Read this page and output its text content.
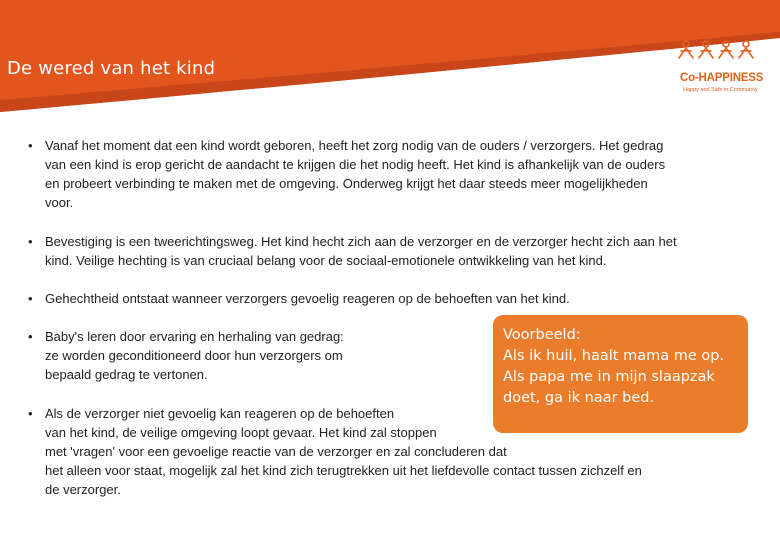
De wered van het kind	Co-HAPPINESS
Happy and Safe in Community
• Vanaf het moment dat een kind wordt geboren, heeft het zorg nodig van de ouders / verzorgers. Het gedrag
van een kind is erop gericht de aandacht te krijgen die het nodig heeft. Het kind is afhankelijk van de ouders
en probeert verbinding te maken met de omgeving. Onderweg krijgt het daar steeds meer mogelijkheden
voor.
• Bevestiging is een tweerichtingsweg. Het kind hecht zich aan de verzorger en de verzorger hecht zich aan het
kind. Veilige hechting is van cruciaal belang voor de sociaal-emotionele ontwikkeling van het kind.
• Gehechtheid ontstaat wanneer verzorgers gevoelig reageren op de behoeften van het kind.
• Baby's leren door ervaring en herhaling van gedrag:
ze worden geconditioneerd door hun verzorgers om
bepaald gedrag te vertonen.
Voorbeeld:
Als ik huil, haalt mama me op.
Als papa me in mijn slaapzak
doet, ga ik naar bed.
• Als de verzorger niet gevoelig kan reageren op de behoeften
van het kind, de veilige omgeving loopt gevaar. Het kind zal stoppen
met 'vragen' voor een gevoelige reactie van de verzorger en zal concluderen dat
het alleen voor staat, mogelijk zal het kind zich terugtrekken uit het liefdevolle contact tussen zichzelf en
de verzorger.
